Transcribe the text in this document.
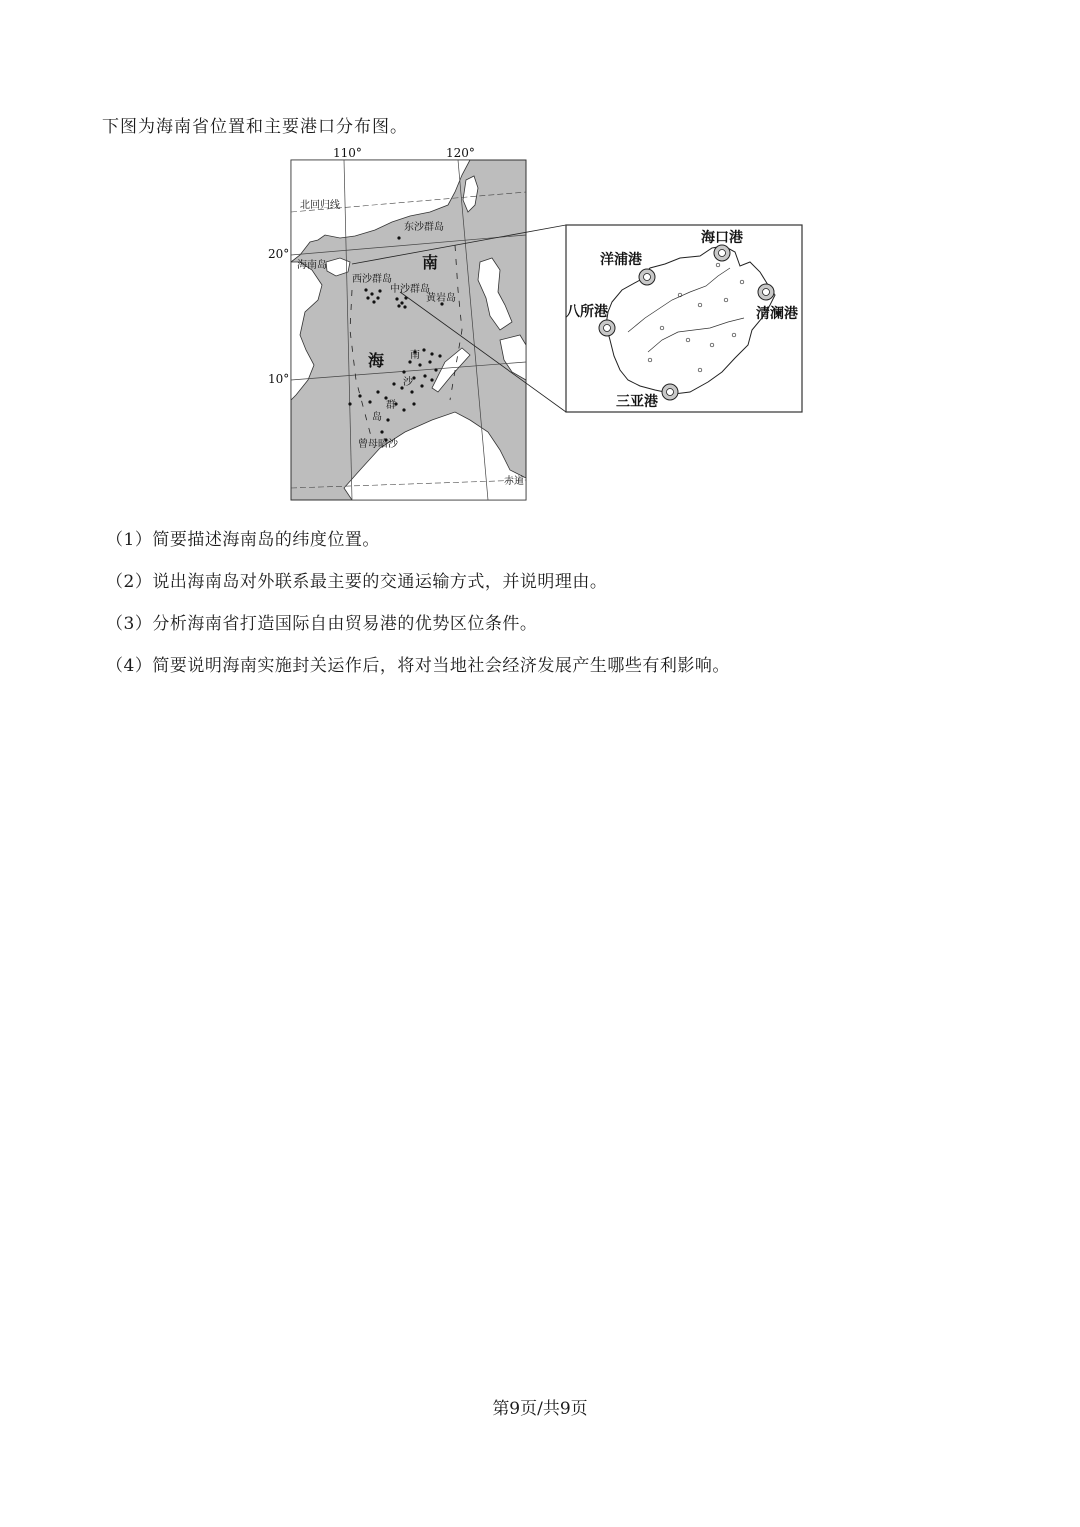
下图为海南省位置和主要港口分布图。
110°	120°
20°
10°
北回归线
赤道
海南岛
东沙群岛
西沙群岛
中沙群岛
黄岩岛
南
海	南
沙
群
岛
曾母暗沙
海口港
洋浦港
八所港	清澜港
三亚港
（1）简要描述海南岛的纬度位置。
（2）说出海南岛对外联系最主要的交通运输方式，并说明理由。
（3）分析海南省打造国际自由贸易港的优势区位条件。
（4）简要说明海南实施封关运作后，将对当地社会经济发展产生哪些有利影响。
第9页/共9页
